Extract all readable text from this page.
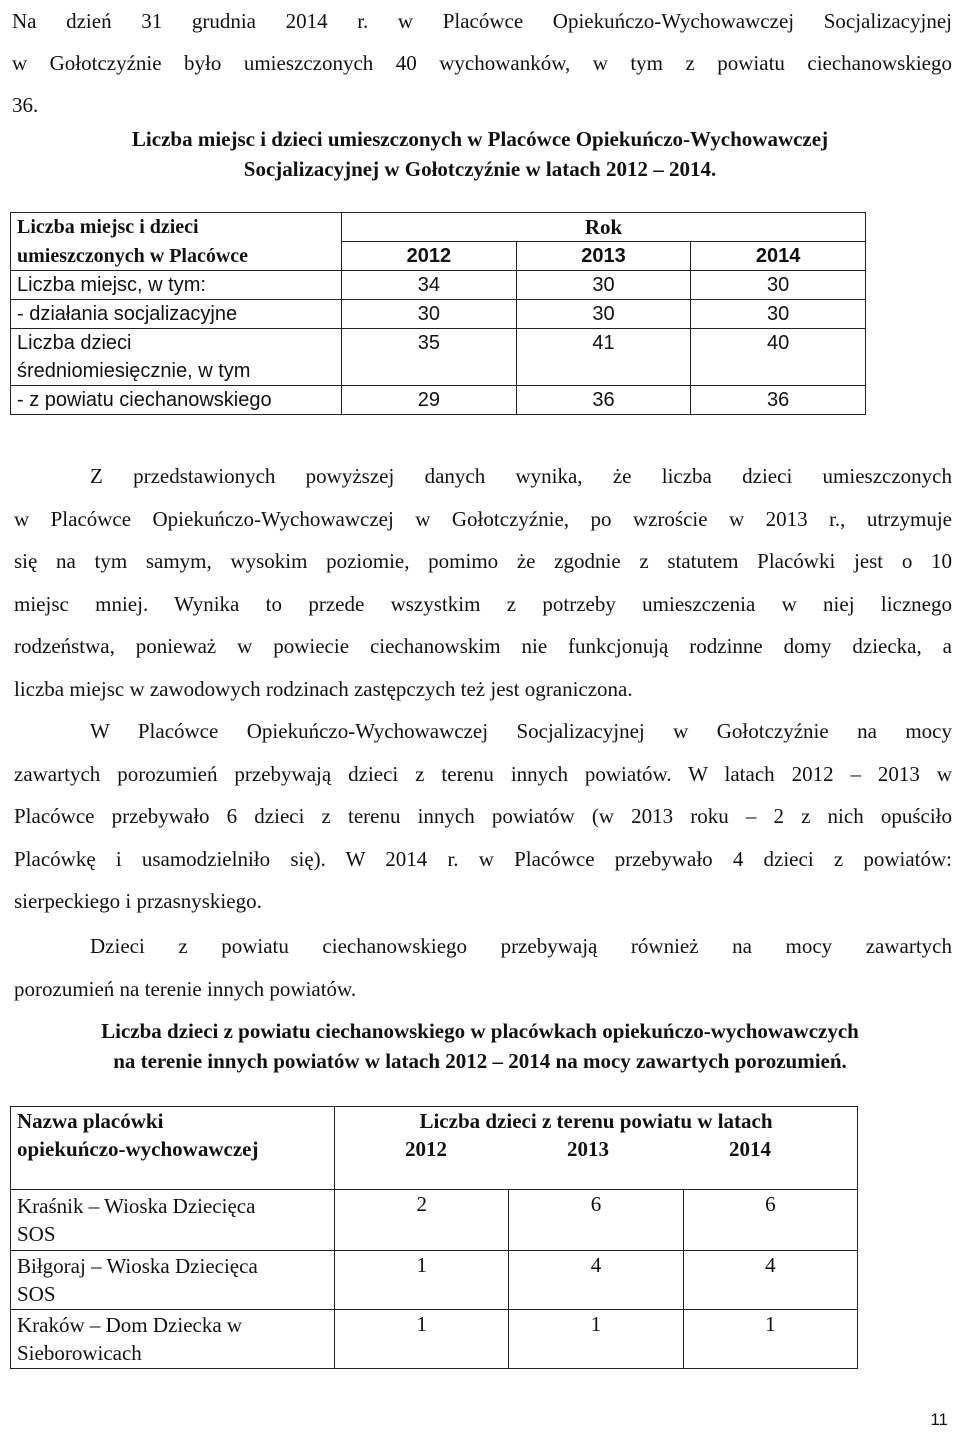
Na dzień 31 grudnia 2014 r. w Placówce Opiekuńczo-Wychowawczej Socjalizacyjnej
w Gołotczyźnie było umieszczonych 40 wychowanków, w tym z powiatu ciechanowskiego
36.
Liczba miejsc i dzieci umieszczonych w Placówce Opiekuńczo-Wychowawczej
Socjalizacyjnej w Gołotczyźnie w latach 2012 – 2014.
Liczba miejsc i dzieci	Rok		
umieszczonych w Placówce	2012	2013	2014
Liczba miejsc, w tym:	34	30	30
- działania socjalizacyjne	30	30	30

Liczba dzieci
średniomiesięcznie, w tym	35	41	40
- z powiatu ciechanowskiego	29	36	36
Z przedstawionych powyższej danych wynika, że liczba dzieci umieszczonych
w Placówce Opiekuńczo-Wychowawczej w Gołotczyźnie, po wzroście w 2013 r., utrzymuje
się na tym samym, wysokim poziomie, pomimo że zgodnie z statutem Placówki jest o 10
miejsc mniej. Wynika to przede wszystkim z potrzeby umieszczenia w niej licznego
rodzeństwa, ponieważ w powiecie ciechanowskim nie funkcjonują rodzinne domy dziecka, a
liczba miejsc w zawodowych rodzinach zastępczych też jest ograniczona.
W Placówce Opiekuńczo-Wychowawczej Socjalizacyjnej w Gołotczyźnie na mocy
zawartych porozumień przebywają dzieci z terenu innych powiatów. W latach 2012 – 2013 w
Placówce przebywało 6 dzieci z terenu innych powiatów (w 2013 roku – 2 z nich opuściło
Placówkę i usamodzielniło się). W 2014 r. w Placówce przebywało 4 dzieci z powiatów:
sierpeckiego i przasnyskiego.
Dzieci z powiatu ciechanowskiego przebywają również na mocy zawartych
porozumień na terenie innych powiatów.
Liczba dzieci z powiatu ciechanowskiego w placówkach opiekuńczo-wychowawczych
na terenie innych powiatów w latach 2012 – 2014 na mocy zawartych porozumień.
Nazwa placówki
opiekuńczo-wychowawczej	Liczba dzieci z terenu powiatu w latach
2012 2013 2014		

Kraśnik – Wioska Dziecięca
SOS	2	6	6

Biłgoraj – Wioska Dziecięca
SOS	1	4	4

Kraków – Dom Dziecka w
Sieborowicach	1	1	1
11
